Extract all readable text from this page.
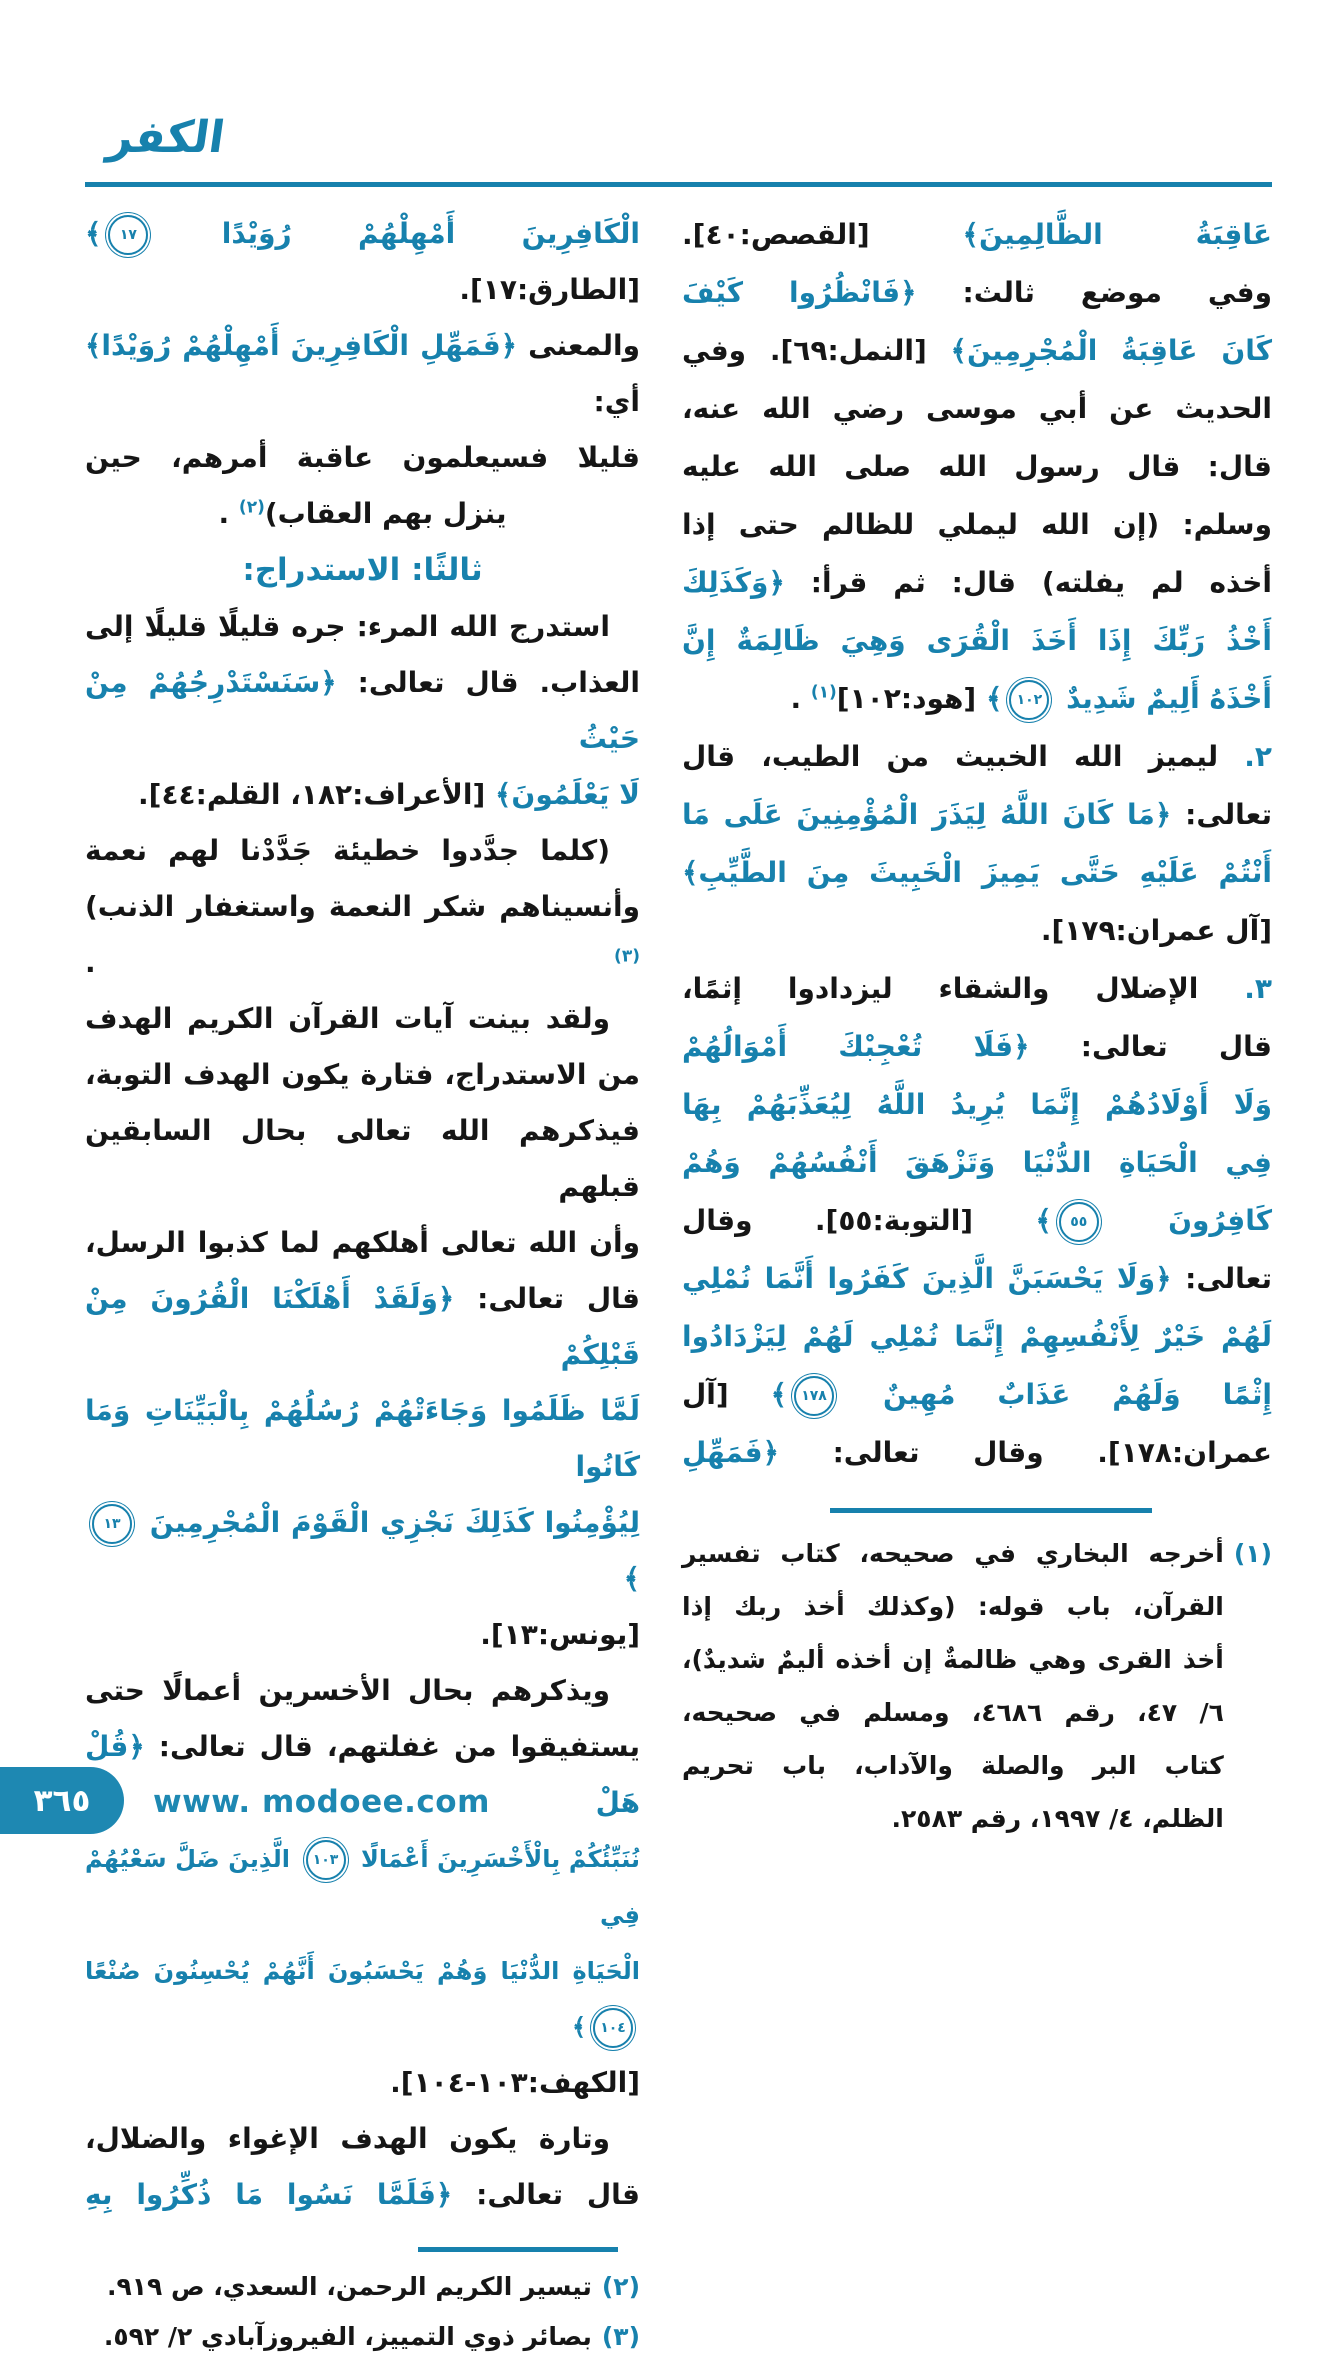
الكفر
عَاقِبَةُ الظَّالِمِينَ﴾ [القصص:٤٠].
وفي موضع ثالث: ﴿فَانْظُرُوا كَيْفَ
كَانَ عَاقِبَةُ الْمُجْرِمِينَ﴾ [النمل:٦٩]. وفي
الحديث عن أبي موسى رضي الله عنه،
قال: قال رسول الله صلى الله عليه
وسلم: (إن الله ليملي للظالم حتى إذا
أخذه لم يفلته) قال: ثم قرأ: ﴿وَكَذَلِكَ
أَخْذُ رَبِّكَ إِذَا أَخَذَ الْقُرَى وَهِيَ ظَالِمَةٌ إِنَّ
أَخْذَهُ أَلِيمٌ شَدِيدٌ ١٠٢﴾ [هود:١٠٢]$^{(١)}$ .
٢. ليميز الله الخبيث من الطيب، قال
تعالى: ﴿مَا كَانَ اللَّهُ لِيَذَرَ الْمُؤْمِنِينَ عَلَى مَا
أَنْتُمْ عَلَيْهِ حَتَّى يَمِيزَ الْخَبِيثَ مِنَ الطَّيِّبِ﴾
[آل عمران:١٧٩].
٣. الإضلال والشقاء ليزدادوا إثمًا،
قال تعالى: ﴿فَلَا تُعْجِبْكَ أَمْوَالُهُمْ
وَلَا أَوْلَادُهُمْ إِنَّمَا يُرِيدُ اللَّهُ لِيُعَذِّبَهُمْ بِهَا
فِي الْحَيَاةِ الدُّنْيَا وَتَزْهَقَ أَنْفُسُهُمْ وَهُمْ
كَافِرُونَ ٥٥﴾ [التوبة:٥٥]. وقال
تعالى: ﴿وَلَا يَحْسَبَنَّ الَّذِينَ كَفَرُوا أَنَّمَا نُمْلِي
لَهُمْ خَيْرٌ لِأَنْفُسِهِمْ إِنَّمَا نُمْلِي لَهُمْ لِيَزْدَادُوا
إِثْمًا وَلَهُمْ عَذَابٌ مُهِينٌ ١٧٨﴾ [آل
عمران:١٧٨]. وقال تعالى: ﴿فَمَهِّلِ
(١)
أخرجه البخاري في صحيحه، كتاب تفسير
القرآن، باب قوله: (وكذلك أخذ ربك إذا
أخذ القرى وهي ظالمةٌ إن أخذه أليمٌ شديدٌ)،
٦/ ٤٧، رقم ٤٦٨٦، ومسلم في صحيحه،
كتاب البر والصلة والآداب، باب تحريم
الظلم، ٤/ ١٩٩٧، رقم ٢٥٨٣.
الْكَافِرِينَ أَمْهِلْهُمْ رُوَيْدًا ١٧﴾ [الطارق:١٧].
والمعنى ﴿فَمَهِّلِ الْكَافِرِينَ أَمْهِلْهُمْ رُوَيْدًا﴾ أي:
قليلا فسيعلمون عاقبة أمرهم، حين
ينزل بهم العقاب)$^{(٢)}$ .
ثالثًا: الاستدراج:
استدرج الله المرء: جره قليلًا قليلًا إلى
العذاب. قال تعالى: ﴿سَنَسْتَدْرِجُهُمْ مِنْ حَيْثُ
لَا يَعْلَمُونَ﴾ [الأعراف:١٨٢، القلم:٤٤].
(كلما جدَّدوا خطيئة جَدَّدْنا لهم نعمة
وأنسيناهم شكر النعمة واستغفار الذنب)$^{(٣)}$ .
ولقد بينت آيات القرآن الكريم الهدف
من الاستدراج، فتارة يكون الهدف التوبة،
فيذكرهم الله تعالى بحال السابقين قبلهم
وأن الله تعالى أهلكهم لما كذبوا الرسل،
قال تعالى: ﴿وَلَقَدْ أَهْلَكْنَا الْقُرُونَ مِنْ قَبْلِكُمْ
لَمَّا ظَلَمُوا وَجَاءَتْهُمْ رُسُلُهُمْ بِالْبَيِّنَاتِ وَمَا كَانُوا
لِيُؤْمِنُوا كَذَلِكَ نَجْزِي الْقَوْمَ الْمُجْرِمِينَ ١٣﴾
[يونس:١٣].
ويذكرهم بحال الأخسرين أعمالًا حتى
يستفيقوا من غفلتهم، قال تعالى: ﴿قُلْ هَلْ
نُنَبِّئُكُمْ بِالْأَخْسَرِينَ أَعْمَالًا ١٠٣ الَّذِينَ ضَلَّ سَعْيُهُمْ فِي
الْحَيَاةِ الدُّنْيَا وَهُمْ يَحْسَبُونَ أَنَّهُمْ يُحْسِنُونَ صُنْعًا ١٠٤﴾
[الكهف:١٠٣-١٠٤].
وتارة يكون الهدف الإغواء والضلال،
قال تعالى: ﴿فَلَمَّا نَسُوا مَا ذُكِّرُوا بِهِ
(٢)
تيسير الكريم الرحمن، السعدي، ص ٩١٩.
(٣)
بصائر ذوي التمييز، الفيروزآبادي ٢/ ٥٩٢.
٣٦٥ www. modoee.com
